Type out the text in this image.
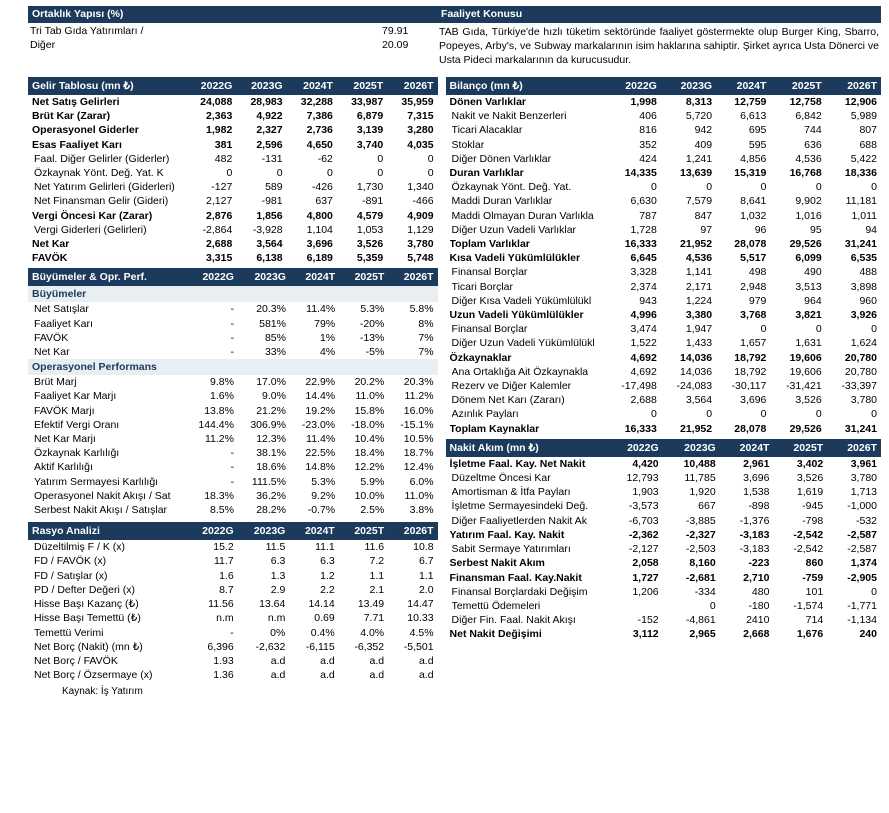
Ortaklık Yapısı (%)
Tri Tab Gıda Yatırımları /	79.91
Diğer	20.09
Faaliyet Konusu
TAB Gıda, Türkiye'de hızlı tüketim sektöründe faaliyet göstermekte olup Burger King, Sbarro, Popeyes, Arby's, ve Subway markalarının isim haklarına sahiptir. Şirket ayrıca Usta Dönerci ve Usta Pideci markalarının da kurucusudur.
Gelir Tablosu (mn ₺)	2022G	2023G	2024T	2025T	2026T

Net Satış Gelirleri	24,088	28,983	32,288	33,987	35,959

Brüt Kar (Zarar)	2,363	4,922	7,386	6,879	7,315

Operasyonel Giderler	1,982	2,327	2,736	3,139	3,280

Esas Faaliyet Karı	381	2,596	4,650	3,740	4,035

Faal. Diğer Gelirler (Giderler)	482	-131	-62	0	0

Özkaynak Yönt. Değ. Yat. K	0	0	0	0	0

Net Yatırım Gelirleri (Giderleri)	-127	589	-426	1,730	1,340

Net Finansman Gelir (Gideri)	2,127	-981	637	-891	-466

Vergi Öncesi Kar (Zarar)	2,876	1,856	4,800	4,579	4,909

Vergi Giderleri (Gelirleri)	-2,864	-3,928	1,104	1,053	1,129

Net Kar	2,688	3,564	3,696	3,526	3,780

FAVÖK	3,315	6,138	6,189	5,359	5,748

Büyümeler & Opr. Perf.	2022G	2023G	2024T	2025T	2026T
Büyümeler					

Net Satışlar	-	20.3%	11.4%	5.3%	5.8%

Faaliyet Karı	-	581%	79%	-20%	8%

FAVÖK	-	85%	1%	-13%	7%

Net Kar	-	33%	4%	-5%	7%
Operasyonel Performans					

Brüt Marj	9.8%	17.0%	22.9%	20.2%	20.3%

Faaliyet Kar Marjı	1.6%	9.0%	14.4%	11.0%	11.2%

FAVÖK Marjı	13.8%	21.2%	19.2%	15.8%	16.0%

Efektif Vergi Oranı	144.4%	306.9%	-23.0%	-18.0%	-15.1%

Net Kar Marjı	11.2%	12.3%	11.4%	10.4%	10.5%

Özkaynak Karlılığı	-	38.1%	22.5%	18.4%	18.7%

Aktif Karlılığı	-	18.6%	14.8%	12.2%	12.4%

Yatırım Sermayesi Karlılığı	-	111.5%	5.3%	5.9%	6.0%

Operasyonel Nakit Akışı / Sat	18.3%	36.2%	9.2%	10.0%	11.0%

Serbest Nakit Akışı / Satışlar	8.5%	28.2%	-0.7%	2.5%	3.8%
Rasyo Analizi	2022G	2023G	2024T	2025T	2026T

Düzeltilmiş F / K (x)	15.2	11.5	11.1	11.6	10.8

FD / FAVÖK (x)	11.7	6.3	6.3	7.2	6.7

FD / Satışlar (x)	1.6	1.3	1.2	1.1	1.1

PD / Defter Değeri (x)	8.7	2.9	2.2	2.1	2.0

Hisse Başı Kazanç (₺)	11.56	13.64	14.14	13.49	14.47

Hisse Başı Temettü (₺)	n.m	n.m	0.69	7.71	10.33

Temettü Verimi	-	0%	0.4%	4.0%	4.5%

Net Borç (Nakit) (mn ₺)	6,396	-2,632	-6,115	-6,352	-5,501

Net Borç / FAVÖK	1.93	a.d	a.d	a.d	a.d

Net Borç / Özsermaye (x)	1.36	a.d	a.d	a.d	a.d
Kaynak: İş Yatırım
Bilanço (mn ₺)	2022G	2023G	2024T	2025T	2026T

Dönen Varlıklar	1,998	8,313	12,759	12,758	12,906

Nakit ve Nakit Benzerleri	406	5,720	6,613	6,842	5,989

Ticari Alacaklar	816	942	695	744	807

Stoklar	352	409	595	636	688

Diğer Dönen Varlıklar	424	1,241	4,856	4,536	5,422

Duran Varlıklar	14,335	13,639	15,319	16,768	18,336

Özkaynak Yönt. Değ. Yat.	0	0	0	0	0

Maddi Duran Varlıklar	6,630	7,579	8,641	9,902	11,181

Maddi Olmayan Duran Varlıkla	787	847	1,032	1,016	1,011

Diğer Uzun Vadeli Varlıklar	1,728	97	96	95	94

Toplam Varlıklar	16,333	21,952	28,078	29,526	31,241

Kısa Vadeli Yükümlülükler	6,645	4,536	5,517	6,099	6,535

Finansal Borçlar	3,328	1,141	498	490	488

Ticari Borçlar	2,374	2,171	2,948	3,513	3,898

Diğer Kısa Vadeli Yükümlülükl	943	1,224	979	964	960

Uzun Vadeli Yükümlülükler	4,996	3,380	3,768	3,821	3,926

Finansal Borçlar	3,474	1,947	0	0	0

Diğer Uzun Vadeli Yükümlülükl	1,522	1,433	1,657	1,631	1,624

Özkaynaklar	4,692	14,036	18,792	19,606	20,780

Ana Ortaklığa Ait Özkaynakla	4,692	14,036	18,792	19,606	20,780

Rezerv ve Diğer Kalemler	-17,498	-24,083	-30,117	-31,421	-33,397

Dönem Net Karı (Zararı)	2,688	3,564	3,696	3,526	3,780

Azınlık Payları	0	0	0	0	0

Toplam Kaynaklar	16,333	21,952	28,078	29,526	31,241
Nakit Akım (mn ₺)	2022G	2023G	2024T	2025T	2026T

İşletme Faal. Kay. Net Nakit	4,420	10,488	2,961	3,402	3,961

Düzeltme Öncesi Kar	12,793	11,785	3,696	3,526	3,780

Amortisman & İtfa Payları	1,903	1,920	1,538	1,619	1,713

İşletme Sermayesindeki Değ.	-3,573	667	-898	-945	-1,000

Diğer Faaliyetlerden Nakit Ak	-6,703	-3,885	-1,376	-798	-532

Yatırım Faal. Kay. Nakit	-2,362	-2,327	-3,183	-2,542	-2,587

Sabit Sermaye Yatırımları	-2,127	-2,503	-3,183	-2,542	-2,587

Serbest Nakit Akım	2,058	8,160	-223	860	1,374

Finansman Faal. Kay.Nakit	1,727	-2,681	2,710	-759	-2,905

Finansal Borçlardaki Değişim	1,206	-334	480	101	0

Temettü Ödemeleri		0	-180	-1,574	-1,771

Diğer Fin. Faal. Nakit Akışı	-152	-4,861	2410	714	-1,134

Net Nakit Değişimi	3,112	2,965	2,668	1,676	240
